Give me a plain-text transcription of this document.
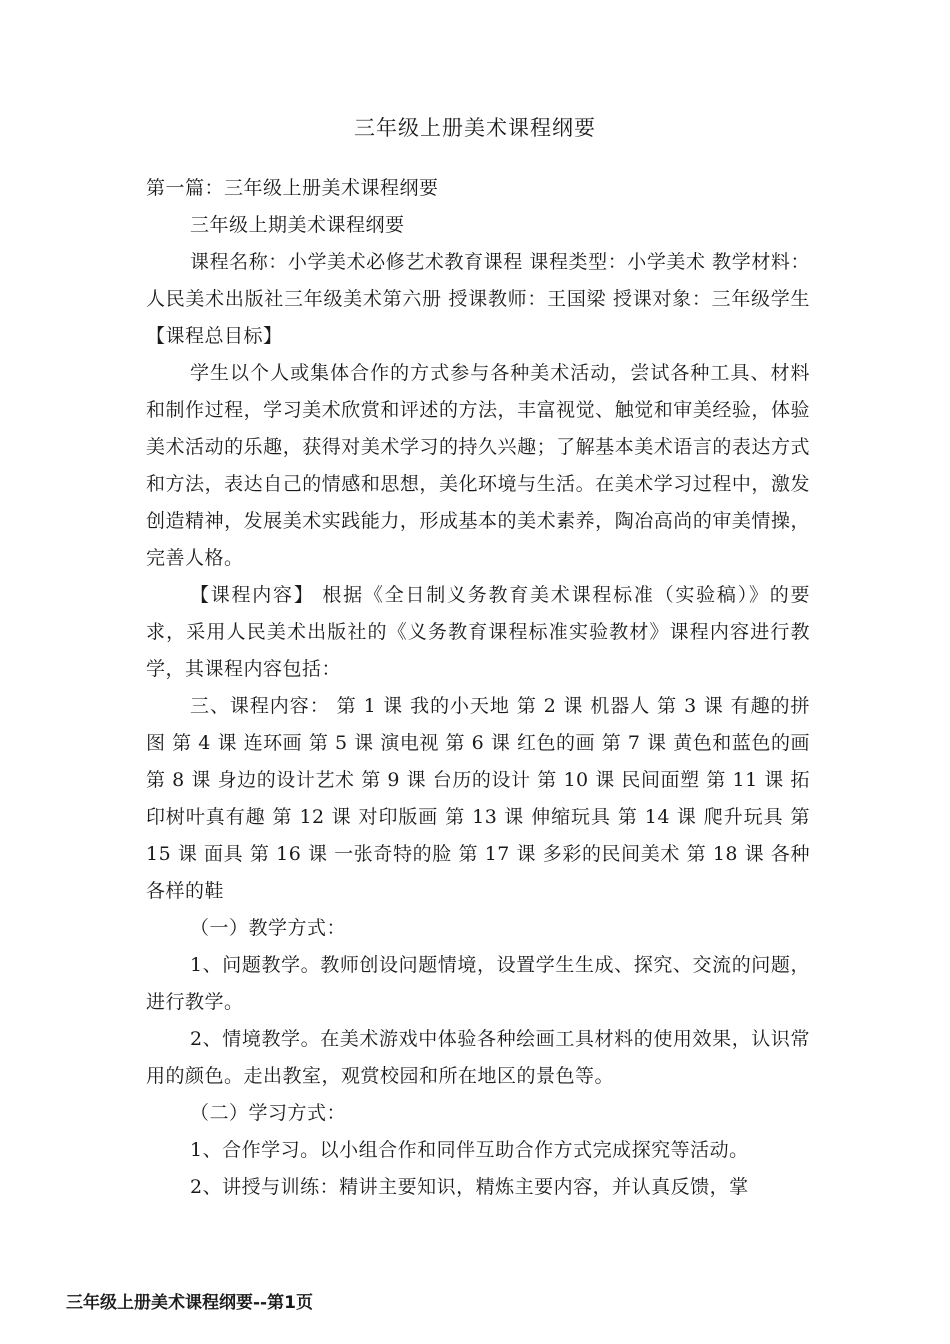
三年级上册美术课程纲要

第一篇：三年级上册美术课程纲要

三年级上期美术课程纲要

课程名称：小学美术必修艺术教育课程 课程类型：小学美术 教学材料：人民美术出版社三年级美术第六册 授课教师：王国梁 授课对象：三年级学生 【课程总目标】

学生以个人或集体合作的方式参与各种美术活动，尝试各种工具、材料和制作过程，学习美术欣赏和评述的方法，丰富视觉、触觉和审美经验，体验美术活动的乐趣，获得对美术学习的持久兴趣；了解基本美术语言的表达方式和方法，表达自己的情感和思想，美化环境与生活。在美术学习过程中，激发创造精神，发展美术实践能力，形成基本的美术素养，陶冶高尚的审美情操，完善人格。

【课程内容】 根据《全日制义务教育美术课程标准（实验稿）》的要求，采用人民美术出版社的《义务教育课程标准实验教材》课程内容进行教学，其课程内容包括：

三、课程内容： 第 1 课 我的小天地 第 2 课 机器人 第 3 课 有趣的拼图 第 4 课 连环画 第 5 课 演电视 第 6 课 红色的画 第 7 课 黄色和蓝色的画 第 8 课 身边的设计艺术 第 9 课 台历的设计 第 10 课 民间面塑 第 11 课 拓印树叶真有趣 第 12 课 对印版画 第 13 课 伸缩玩具 第 14 课 爬升玩具 第 15 课 面具 第 16 课 一张奇特的脸 第 17 课 多彩的民间美术 第 18 课 各种各样的鞋

（一）教学方式：

1、问题教学。教师创设问题情境，设置学生生成、探究、交流的问题，进行教学。

2、情境教学。在美术游戏中体验各种绘画工具材料的使用效果，认识常用的颜色。走出教室，观赏校园和所在地区的景色等。

（二）学习方式：

1、合作学习。以小组合作和同伴互助合作方式完成探究等活动。

2、讲授与训练：精讲主要知识，精炼主要内容，并认真反馈，掌

三年级上册美术课程纲要--第1页
